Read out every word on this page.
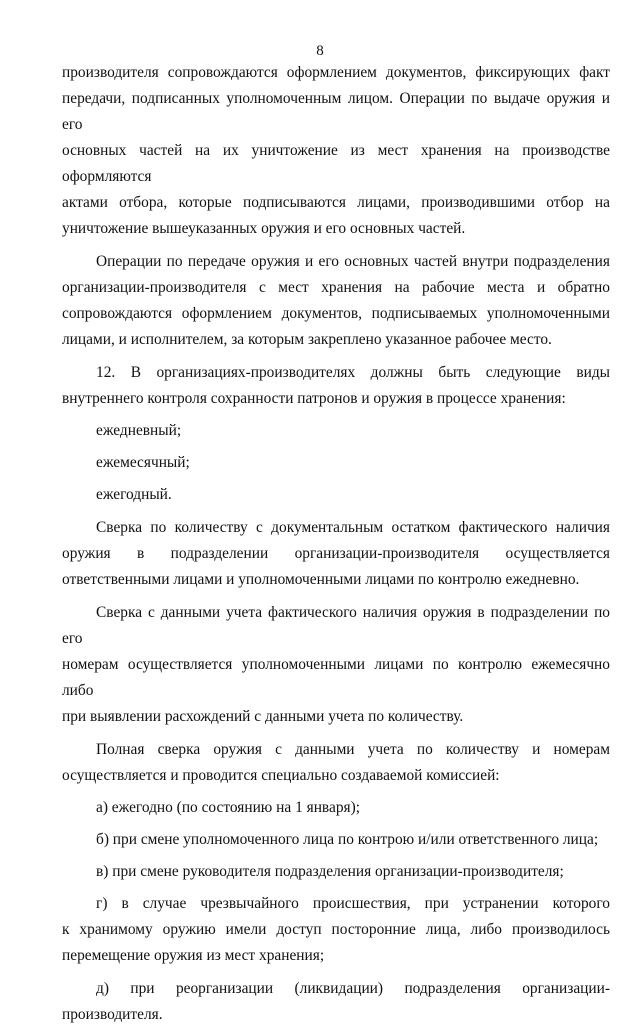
8

производителя сопровождаются оформлением документов, фиксирующих факт

передачи, подписанных уполномоченным лицом. Операции по выдаче оружия и его

основных частей на их уничтожение из мест хранения на производстве оформляются

актами отбора, которые подписываются лицами, производившими отбор на

уничтожение вышеуказанных оружия и его основных частей.

Операции по передаче оружия и его основных частей внутри подразделения

организации-производителя с мест хранения на рабочие места и обратно

сопровождаются оформлением документов, подписываемых уполномоченными

лицами, и исполнителем, за которым закреплено указанное рабочее место.

12. В организациях-производителях должны быть следующие виды

внутреннего контроля сохранности патронов и оружия в процессе хранения:

ежедневный;

ежемесячный;

ежегодный.

Сверка по количеству с документальным остатком фактического наличия

оружия в подразделении организации-производителя осуществляется

ответственными лицами и уполномоченными лицами по контролю ежедневно.

Сверка с данными учета фактического наличия оружия в подразделении по его

номерам осуществляется уполномоченными лицами по контролю ежемесячно либо

при выявлении расхождений с данными учета по количеству.

Полная сверка оружия с данными учета по количеству и номерам

осуществляется и проводится специально создаваемой комиссией:

а) ежегодно (по состоянию на 1 января);

б) при смене уполномоченного лица по контрою и/или ответственного лица;

в) при смене руководителя подразделения организации-производителя;

г) в случае чрезвычайного происшествия, при устранении которого

к хранимому оружию имели доступ посторонние лица, либо производилось

перемещение оружия из мест хранения;

д) при реорганизации (ликвидации) подразделения организации-

производителя.
